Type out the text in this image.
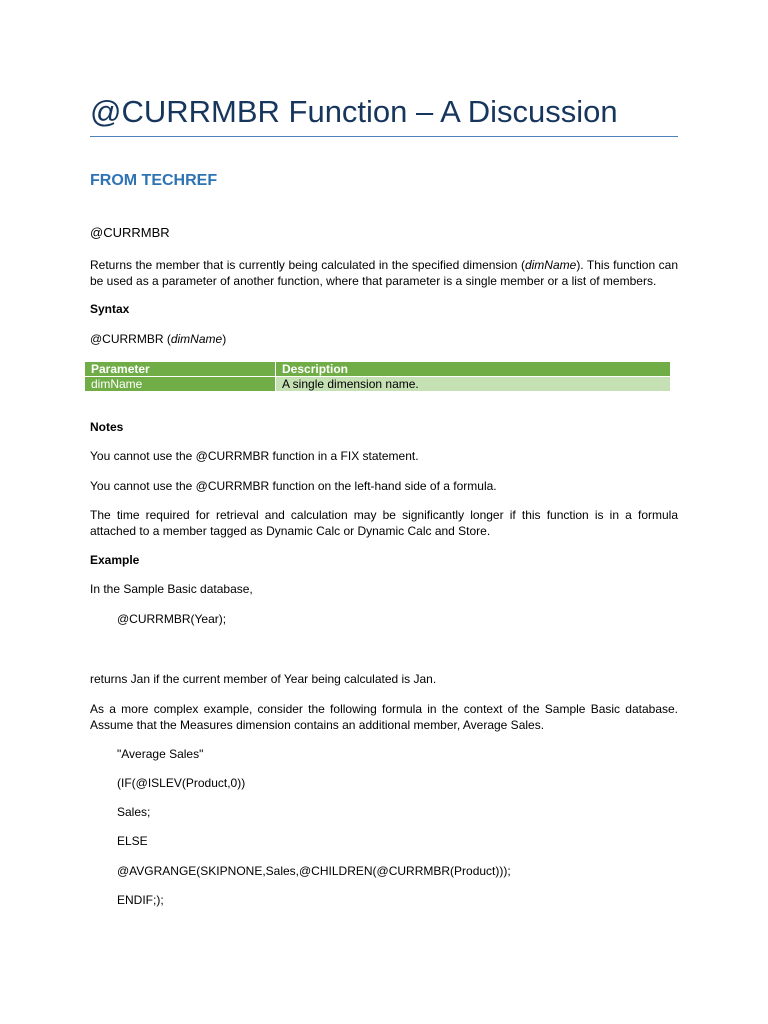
@CURRMBR Function – A Discussion
FROM TECHREF

@CURRMBR

Returns the member that is currently being calculated in the specified dimension (dimName). This function can be used as a parameter of another function, where that parameter is a single member or a list of members.

Syntax

@CURRMBR (dimName)

Parameter	Description
dimName	A single dimension name.

Notes

You cannot use the @CURRMBR function in a FIX statement.

You cannot use the @CURRMBR function on the left-hand side of a formula.

The time required for retrieval and calculation may be significantly longer if this function is in a formula attached to a member tagged as Dynamic Calc or Dynamic Calc and Store.

Example

In the Sample Basic database,

@CURRMBR(Year);

returns Jan if the current member of Year being calculated is Jan.

As a more complex example, consider the following formula in the context of the Sample Basic database. Assume that the Measures dimension contains an additional member, Average Sales.

"Average Sales"

(IF(@ISLEV(Product,0))

Sales;

ELSE

@AVGRANGE(SKIPNONE,Sales,@CHILDREN(@CURRMBR(Product)));

ENDIF;);
